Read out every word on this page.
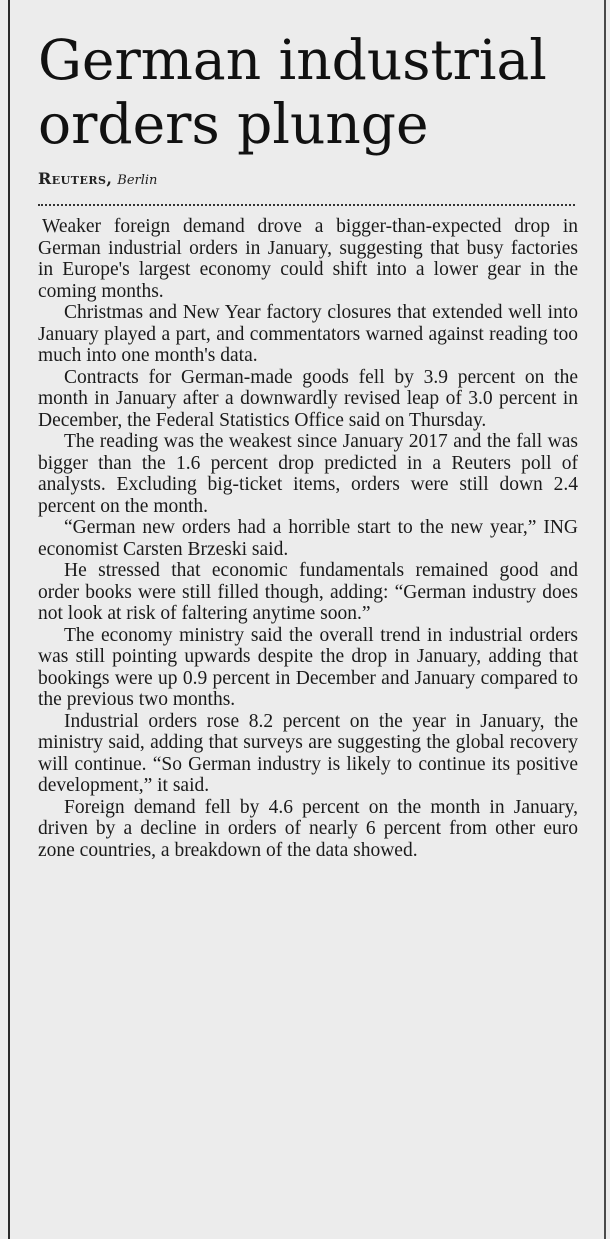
German industrial
orders plunge
Reuters, Berlin

Weaker foreign demand drove a bigger-than-expected drop in German industrial orders in January, suggesting that busy factories in Europe's largest economy could shift into a lower gear in the coming months.

Christmas and New Year factory closures that extended well into January played a part, and commentators warned against reading too much into one month's data.

Contracts for German-made goods fell by 3.9 percent on the month in January after a downwardly revised leap of 3.0 percent in December, the Federal Statistics Office said on Thursday.

The reading was the weakest since January 2017 and the fall was bigger than the 1.6 percent drop predicted in a Reuters poll of analysts. Excluding big-ticket items, orders were still down 2.4 percent on the month.

“German new orders had a horrible start to the new year,” ING economist Carsten Brzeski said.

He stressed that economic fundamentals remained good and order books were still filled though, adding: “German industry does not look at risk of faltering anytime soon.”

The economy ministry said the overall trend in industrial orders was still pointing upwards despite the drop in January, adding that bookings were up 0.9 percent in December and January compared to the previous two months.

Industrial orders rose 8.2 percent on the year in January, the ministry said, adding that surveys are suggesting the global recovery will continue. “So German industry is likely to continue its positive development,” it said.

Foreign demand fell by 4.6 percent on the month in January, driven by a decline in orders of nearly 6 percent from other euro zone countries, a breakdown of the data showed.
